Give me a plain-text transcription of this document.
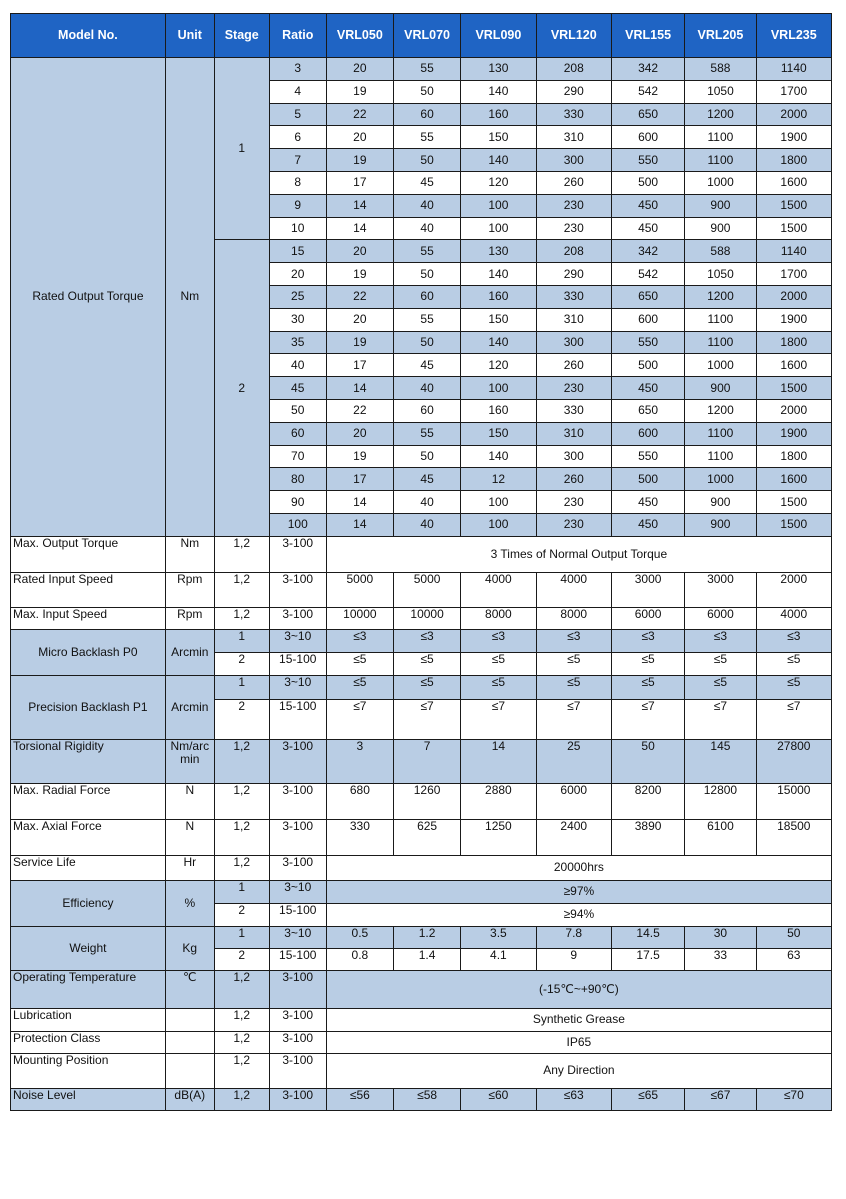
Model No.	Unit	Stage	Ratio	VRL050	VRL070	VRL090	VRL120	VRL155	VRL205	VRL235
Rated Output Torque	Nm	1	3	20	55	130	208	342	588	1140
			4	19	50	140	290	542	1050	1700
			5	22	60	160	330	650	1200	2000
			6	20	55	150	310	600	1100	1900
			7	19	50	140	300	550	1100	1800
			8	17	45	120	260	500	1000	1600
			9	14	40	100	230	450	900	1500
			10	14	40	100	230	450	900	1500
		2	15	20	55	130	208	342	588	1140
			20	19	50	140	290	542	1050	1700
			25	22	60	160	330	650	1200	2000
			30	20	55	150	310	600	1100	1900
			35	19	50	140	300	550	1100	1800
			40	17	45	120	260	500	1000	1600
			45	14	40	100	230	450	900	1500
			50	22	60	160	330	650	1200	2000
			60	20	55	150	310	600	1100	1900
			70	19	50	140	300	550	1100	1800
			80	17	45	12	260	500	1000	1600
			90	14	40	100	230	450	900	1500
			100	14	40	100	230	450	900	1500
Max. Output Torque	Nm	1,2	3-100	3 Times of Normal Output Torque						
Rated Input Speed	Rpm	1,2	3-100	5000	5000	4000	4000	3000	3000	2000
Max. Input Speed	Rpm	1,2	3-100	10000	10000	8000	8000	6000	6000	4000
Micro Backlash P0	Arcmin	1	3~10	≤3	≤3	≤3	≤3	≤3	≤3	≤3
		2	15-100	≤5	≤5	≤5	≤5	≤5	≤5	≤5
Precision Backlash P1	Arcmin	1	3~10	≤5	≤5	≤5	≤5	≤5	≤5	≤5
		2	15-100	≤7	≤7	≤7	≤7	≤7	≤7	≤7
Torsional Rigidity	Nm/arc min	1,2	3-100	3	7	14	25	50	145	27800
Max. Radial Force	N	1,2	3-100	680	1260	2880	6000	8200	12800	15000
Max. Axial Force	N	1,2	3-100	330	625	1250	2400	3890	6100	18500
Service Life	Hr	1,2	3-100	20000hrs						
Efficiency	%	1	3~10	≥97%						
		2	15-100	≥94%						
Weight	Kg	1	3~10	0.5	1.2	3.5	7.8	14.5	30	50
		2	15-100	0.8	1.4	4.1	9	17.5	33	63
Operating Temperature	℃	1,2	3-100	(-15℃~+90℃)						
Lubrication		1,2	3-100	Synthetic Grease						
Protection Class		1,2	3-100	IP65						
Mounting Position		1,2	3-100	Any Direction						
Noise Level	dB(A)	1,2	3-100	≤56	≤58	≤60	≤63	≤65	≤67	≤70
